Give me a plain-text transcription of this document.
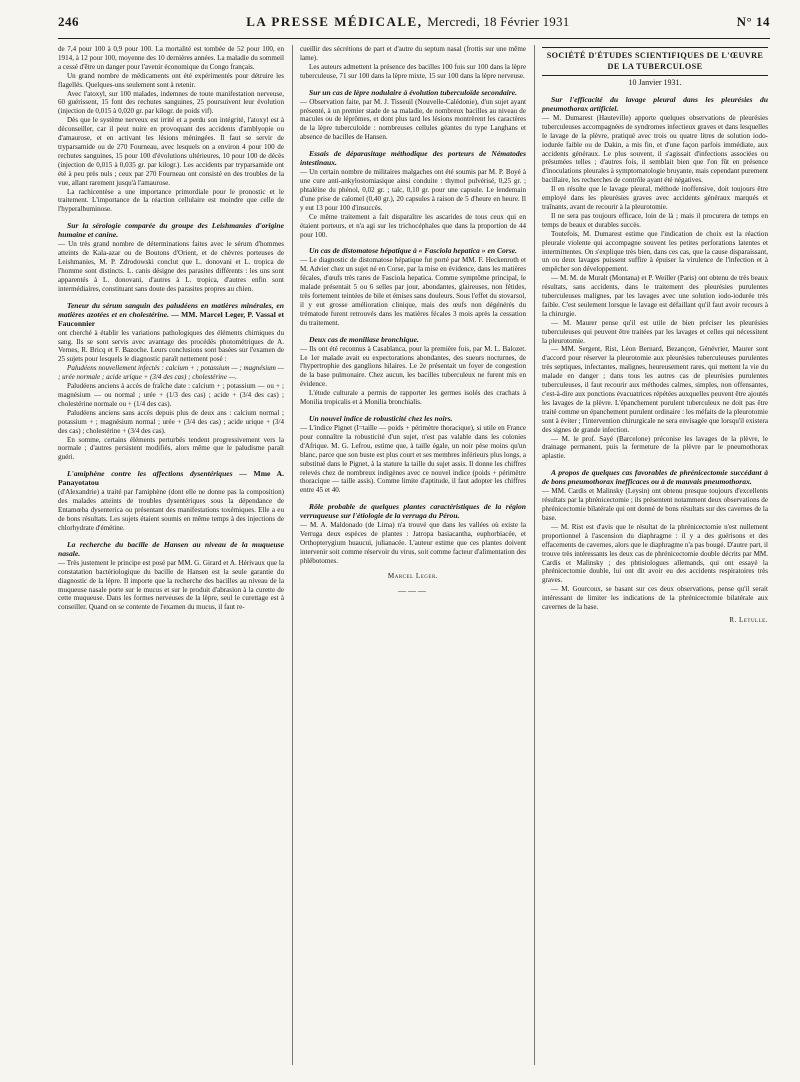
246	LA PRESSE MÉDICALE, Mercredi, 18 Février 1931	N° 14

de 7,4 pour 100 à 0,9 pour 100. La mortalité est tombée de 52 pour 100, en 1914, à 12 pour 100, moyenne des 10 dernières années. La maladie du sommeil a cessé d'être un danger pour l'avenir économique du Congo français.

Un grand nombre de médicaments ont été expérimentés pour détruire les flagellés. Quelques-uns seulement sont à retenir.

Avec l'atoxyl, sur 100 malades, indemnes de toute manifestation nerveuse, 60 guérissent, 15 font des rechutes sanguines, 25 poursuivent leur évolution (injection de 0,015 à 0,020 gr. par kilogr. de poids vif).

Dès que le système nerveux est irrité et a perdu son intégrité, l'atoxyl est à déconseiller, car il peut nuire en provoquant des accidents d'amblyopie ou d'amaurose, et en activant les lésions méningées. Il faut se servir de tryparsamide ou de 270 Fourneau, avec lesquels on a environ 4 pour 100 de rechutes sanguines, 15 pour 100 d'évolutions ultérieures, 10 pour 100 de décès (injection de 0,015 à 0,035 gr. par kilogr.). Les accidents par tryparsamide ont été à peu près nuls ; ceux par 270 Fourneau ont consisté en des troubles de la vue, allant rarement jusqu'à l'amaurose.

La rachicentèse a une importance primordiale pour le pronostic et le traitement. L'importance de la réaction cellulaire est moindre que celle de l'hyperalbuminose.

Sur la sérologie comparée du groupe des Leishmanies d'origine humaine et canine.

— Un très grand nombre de déterminations faites avec le sérum d'hommes atteints de Kala-azar ou de Boutons d'Orient, et de chèvres porteuses de Leishmanies, M. P. Zdrodowski conclut que L. donovani et L. tropica de l'homme sont distincts. L. canis désigne des parasites différents : les uns sont apparentés à L. donovani, d'autres à L. tropica, d'autres enfin sont intermédiaires, constituant sans doute des parasites propres au chien.

Teneur du sérum sanguin des paludéens en matières minérales, en matières azotées et en cholestérine. — MM. Marcel Leger, P. Vassal et Fauconnier

ont cherché à établir les variations pathologiques des éléments chimiques du sang. Ils se sont servis avec avantage des procédés photométriques de A. Vernes, R. Bricq et F. Bazoche. Leurs conclusions sont basées sur l'examen de 25 sujets pour lesquels le diagnostic paraît nettement posé :

Paludéens nouvellement infectés : calcium + ; potassium — ; magnésium — ; urée normale ; acide urique + (3/4 des cas) ; cholestérine —.

Paludéens anciens à accès de fraîche date : calcium + ; potassium — ou + ; magnésium — ou normal ; urée + (1/3 des cas) ; acide + (3/4 des cas) ; cholestérine normale ou + (1/4 des cas).

Paludéens anciens sans accès depuis plus de deux ans : calcium normal ; potassium + ; magnésium normal ; urée + (3/4 des cas) ; acide urique + (3/4 des cas) ; cholestérine + (3/4 des cas).

En somme, certains éléments perturbés tendent progressivement vers la normale ; d'autres persistent modifiés, alors même que le paludisme paraît guéri.

L'amiphène contre les affections dysentériques — Mme A. Panayotatou

(d'Alexandrie) a traité par l'amiphène (dont elle ne donne pas la composition) des malades atteints de troubles dysentériques sous la dépendance de Entamœba dysenterica ou présentant des manifestations toxémiques. Elle a eu de bons résultats. Les sujets étaient soumis en même temps à des injections de chlorhydrate d'émétine.

La recherche du bacille de Hansen au niveau de la muqueuse nasale.

— Très justement le principe est posé par MM. G. Girard et A. Hérivaux que la constatation bactériologique du bacille de Hansen est la seule garantie du diagnostic de la lèpre. Il importe que la recherche des bacilles au niveau de la muqueuse nasale porte sur le mucus et sur le produit d'abrasion à la curette de cette muqueuse. Dans les formes nerveuses de la lèpre, seul le curettage est à conseiller. Quand on se contente de l'examen du mucus, il faut re-

cueillir des sécrétions de part et d'autre du septum nasal (frottis sur une même lame).

Les auteurs admettent la présence des bacilles 100 fois sur 100 dans la lèpre tuberculeuse, 71 sur 100 dans la lèpre mixte, 15 sur 100 dans la lèpre nerveuse.

Sur un cas de lèpre nodulaire à évolution tuberculoïde secondaire.

— Observation faite, par M. J. Tisseuil (Nouvelle-Calédonie), d'un sujet ayant présenté, à un premier stade de sa maladie, de nombreux bacilles au niveau de macules ou de léprômes, et dont plus tard les lésions montrèrent les caractères de la lèpre tuberculoïde : nombreuses cellules géantes du type Langhans et absence de bacilles de Hansen.

Essais de déparasitage méthodique des porteurs de Nématodes intestinaux.

— Un certain nombre de militaires malgaches ont été soumis par M. P. Boyé à une cure anti-ankylostomiasique ainsi conduite : thymol pulvérisé, 0,25 gr. ; phtaléine du phénol, 0,02 gr. ; talc, 0,10 gr. pour une capsule. Le lendemain d'une prise de calomel (0,40 gr.), 20 capsules à raison de 5 d'heure en heure. Il y eut 13 pour 100 d'insuccès.

Ce même traitement a fait disparaître les ascarides de tous ceux qui en étaient porteurs, et n'a agi sur les trichocéphales que dans la proportion de 44 pour 100.

Un cas de distomatose hépatique à « Fasciola hepatica » en Corse.

— Le diagnostic de distomatose hépatique fut porté par MM. F. Heckenroth et M. Advier chez un sujet né en Corse, par la mise en évidence, dans les matières fécales, d'œufs très rares de Fasciola hepatica. Comme symptôme principal, le malade présentait 5 ou 6 selles par jour, abondantes, glaireuses, non fétides, très fortement teintées de bile et émises sans douleurs. Sous l'effet du stovarsol, il y eut grosse amélioration clinique, mais des œufs non dégénérés du trématode furent retrouvés dans les matières fécales 3 mois après la cessation du traitement.

Deux cas de moniliase bronchique.

— Ils ont été reconnus à Casablanca, pour la première fois, par M. L. Balozet. Le 1er malade avait eu expectorations abondantes, des sueurs nocturnes, de l'hypertrophie des ganglions hilaires. Le 2e présentait un foyer de congestion de la base pulmonaire. Chez aucun, les bacilles tuberculeux ne furent mis en évidence.

L'étude culturale a permis de rapporter les germes isolés des crachats à Monilia tropicalis et à Monilia bronchialis.

Un nouvel indice de robusticité chez les noirs.

— L'indice Pignet (I=taille — poids + périmètre thoracique), si utile en France pour connaître la robusticité d'un sujet, n'est pas valable dans les colonies d'Afrique. M. G. Lefrou, estime que, à taille égale, un noir pèse moins qu'un blanc, parce que son buste est plus court et ses membres inférieurs plus longs, a substitué dans le Pignet, à la stature la taille du sujet assis. Il donne les chiffres relevés chez de nombreux indigènes avec ce nouvel indice (poids + périmètre thoracique — taille assis). Comme limite d'aptitude, il faut adopter les chiffres entre 45 et 40.

Rôle probable de quelques plantes caractéristiques de la région verruqueuse sur l'étiologie de la verruga du Pérou.

— M. A. Maldonado (de Lima) n'a trouvé que dans les vallées où existe la Verruga deux espèces de plantes : Jatropa basiacantha, euphorbiacée, et Orthopterygium huaucui, julianacée. L'auteur estime que ces plantes doivent intervenir soit comme réservoir du virus, soit comme facteur d'alimentation des phlébotomes.

Marcel Leger.
———
SOCIÉTÉ D'ÉTUDES SCIENTIFIQUES DE L'ŒUVRE DE LA TUBERCULOSE
10 Janvier 1931.
Sur l'efficacité du lavage pleural dans les pleurésies du pneumothorax artificiel.

— M. Dumarest (Hauteville) apporte quelques observations de pleurésies tuberculeuses accompagnées de syndromes infectieux graves et dans lesquelles le lavage de la plèvre, pratiqué avec trois ou quatre litres de solution iodo-iodurée faible ou de Dakin, a mis fin, et d'une façon parfois immédiate, aux accidents généraux. Le plus souvent, il s'agissait d'infections associées ou présumées telles ; d'autres fois, il semblait bien que l'on fût en présence d'inoculations pleurales à symptomatologie bruyante, mais cependant purement bacillaire, les recherches de contrôle ayant été négatives.

Il en résulte que le lavage pleural, méthode inoffensive, doit toujours être employé dans les pleurésies graves avec accidents généraux marqués et traînants, avant de recourir à la pleurotomie.

Il ne sera pas toujours efficace, loin de là ; mais il procurera de temps en temps de beaux et durables succès.

Toutefois, M. Dumarest estime que l'indication de choix est la réaction pleurale violente qui accompagne souvent les petites perforations latentes et intermittentes. On s'explique très bien, dans ces cas, que la cause disparaissant, un ou deux lavages puissent suffire à épuiser la virulence de l'infection et à empêcher son développement.

— M. M. de Muralt (Montana) et P. Weiller (Paris) ont obtenu de très beaux résultats, sans accidents, dans le traitement des pleurésies purulentes tuberculeuses malignes, par les lavages avec une solution iodo-iodurée très faible. C'est seulement lorsque le lavage est défaillant qu'il faut avoir recours à la chirurgie.

— M. Maurer pense qu'il est utile de bien préciser les pleurésies tuberculeuses qui peuvent être traitées par les lavages et celles qui nécessitent la pleurotomie.

— MM. Sergent, Rist, Léon Bernard, Bezançon, Génévrier, Maurer sont d'accord pour réserver la pleurotomie aux pleurésies tuberculeuses purulentes très septiques, infectantes, malignes, heureusement rares, qui mettent la vie du malade en danger ; dans tous les autres cas de pleurésies purulentes tuberculeuses, il faut recourir aux méthodes calmes, simples, non offensantes, c'est-à-dire aux ponctions évacuatrices répétées auxquelles peuvent être ajoutés les lavages de la plèvre. L'épanchement purulent tuberculeux ne doit pas être traité comme un épanchement purulent ordinaire : les méfaits de la pleurotomie sont à éviter ; l'intervention chirurgicale ne sera envisagée que lorsqu'il existera des signes de grande infection.

— M. le prof. Sayé (Barcelone) préconise les lavages de la plèvre, le drainage permanent, puis la fermeture de la plèvre par le pneumothorax aplastie.

A propos de quelques cas favorables de phrénicectomie succédant à de bons pneumothorax inefficaces ou à de mauvais pneumothorax.

— MM. Cardis et Malinsky (Leysin) ont obtenu presque toujours d'excellents résultats par la phrénicectomie ; ils présentent notamment deux observations de phrénicectomie bilatérale qui ont donné de bons résultats sur des cavernes de la base.

— M. Rist est d'avis que le résultat de la phrénicectomie n'est nullement proportionnel à l'ascension du diaphragme : il y a des guérisons et des effacements de cavernes, alors que le diaphragme n'a pas bougé. D'autre part, il trouve très intéressants les deux cas de phrénicectomie double décrits par MM. Cardis et Malinsky ; des phtisiologues allemands, qui ont essayé la phrénicectomie double, lui ont dit avoir eu des accidents respiratoires très graves.

— M. Gourcoux, se basant sur ces deux observations, pense qu'il serait intéressant de limiter les indications de la phrénicectomie bilatérale aux cavernes de la base.

R. Letulle.
